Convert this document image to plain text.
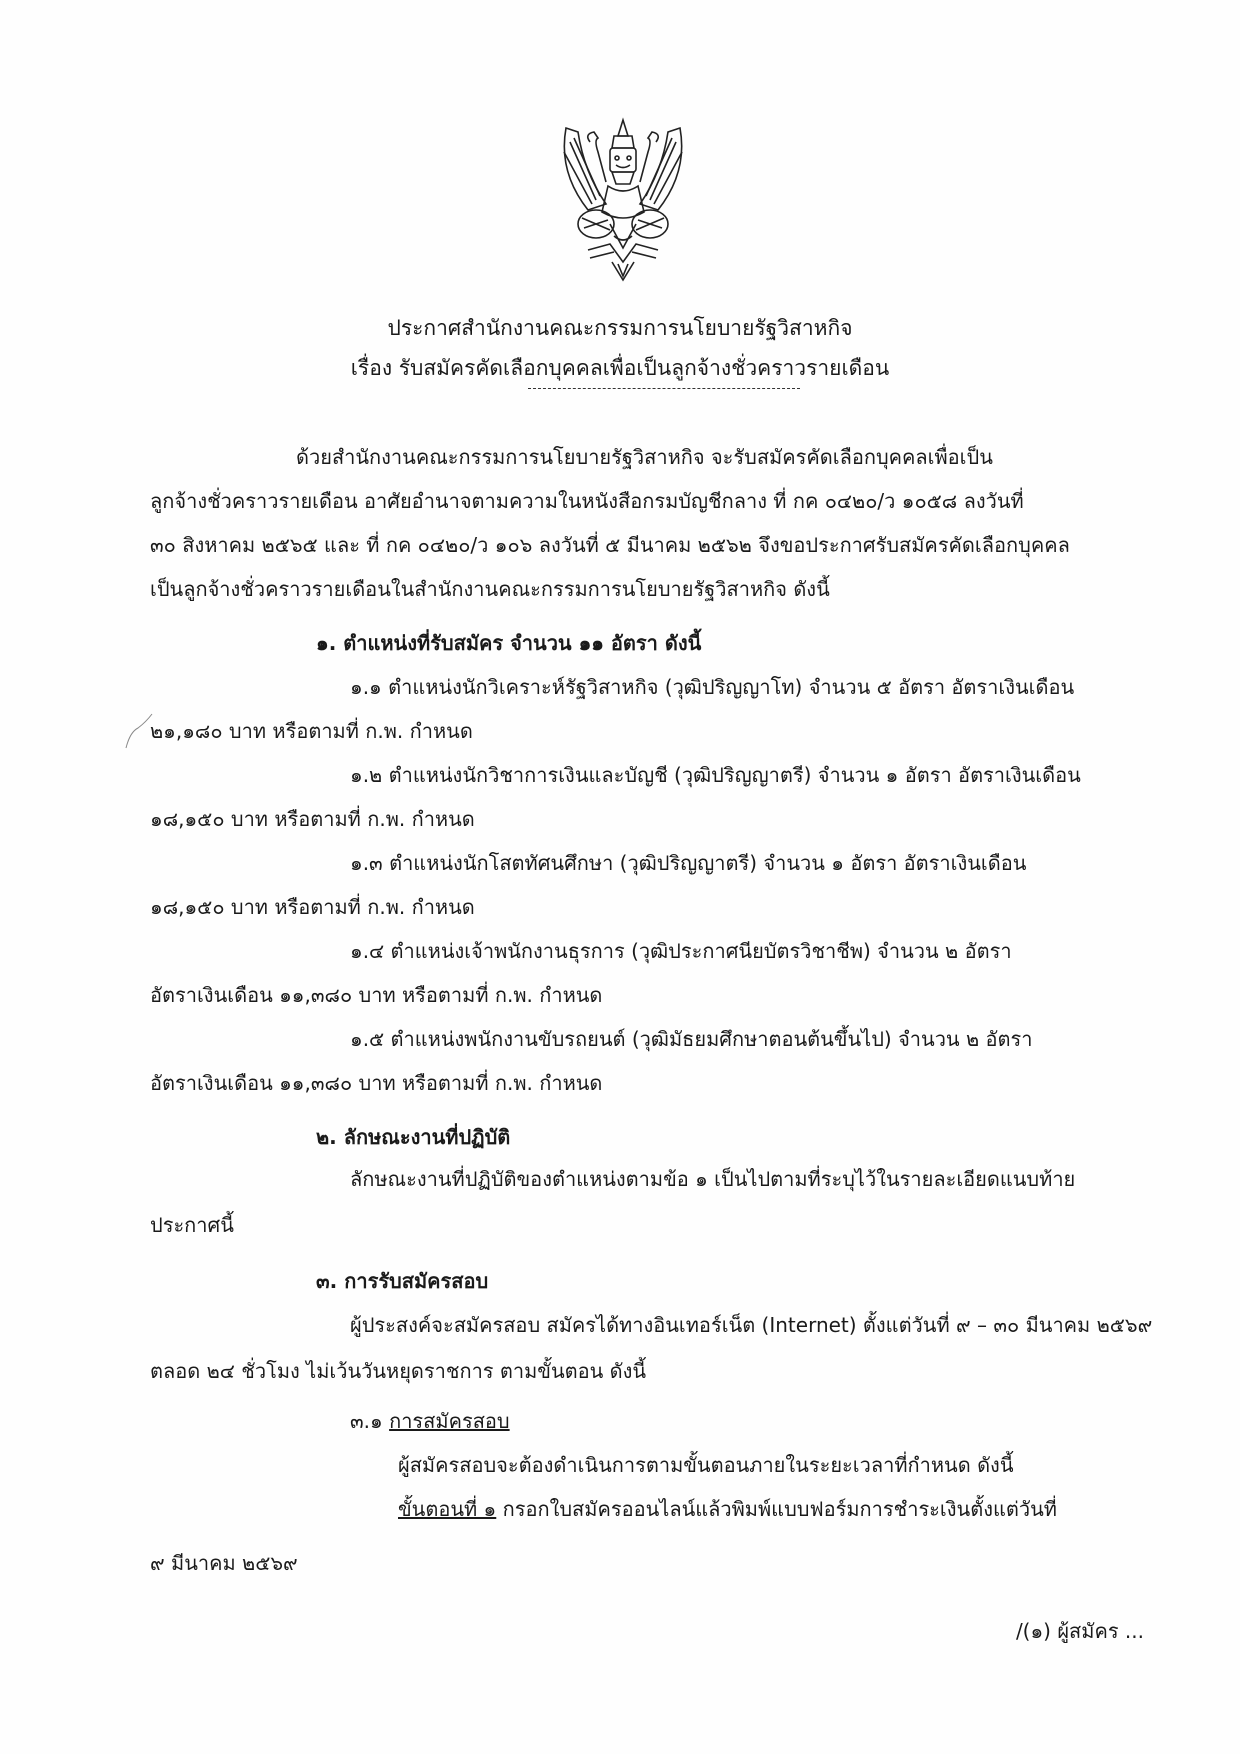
ประกาศสำนักงานคณะกรรมการนโยบายรัฐวิสาหกิจ
เรื่อง รับสมัครคัดเลือกบุคคลเพื่อเป็นลูกจ้างชั่วคราวรายเดือน
ด้วยสำนักงานคณะกรรมการนโยบายรัฐวิสาหกิจ จะรับสมัครคัดเลือกบุคคลเพื่อเป็น
ลูกจ้างชั่วคราวรายเดือน อาศัยอำนาจตามความในหนังสือกรมบัญชีกลาง ที่ กค ๐๔๒๐/ว ๑๐๕๘ ลงวันที่
๓๐ สิงหาคม ๒๕๖๕ และ ที่ กค ๐๔๒๐/ว ๑๐๖ ลงวันที่ ๕ มีนาคม ๒๕๖๒ จึงขอประกาศรับสมัครคัดเลือกบุคคล
เป็นลูกจ้างชั่วคราวรายเดือนในสำนักงานคณะกรรมการนโยบายรัฐวิสาหกิจ ดังนี้
๑. ตำแหน่งที่รับสมัคร จำนวน ๑๑ อัตรา ดังนี้
๑.๑ ตำแหน่งนักวิเคราะห์รัฐวิสาหกิจ (วุฒิปริญญาโท) จำนวน ๕ อัตรา อัตราเงินเดือน
๒๑,๑๘๐ บาท หรือตามที่ ก.พ. กำหนด
๑.๒ ตำแหน่งนักวิชาการเงินและบัญชี (วุฒิปริญญาตรี) จำนวน ๑ อัตรา อัตราเงินเดือน
๑๘,๑๕๐ บาท หรือตามที่ ก.พ. กำหนด
๑.๓ ตำแหน่งนักโสตทัศนศึกษา (วุฒิปริญญาตรี) จำนวน ๑ อัตรา อัตราเงินเดือน
๑๘,๑๕๐ บาท หรือตามที่ ก.พ. กำหนด
๑.๔ ตำแหน่งเจ้าพนักงานธุรการ (วุฒิประกาศนียบัตรวิชาชีพ) จำนวน ๒ อัตรา
อัตราเงินเดือน ๑๑,๓๘๐ บาท หรือตามที่ ก.พ. กำหนด
๑.๕ ตำแหน่งพนักงานขับรถยนต์ (วุฒิมัธยมศึกษาตอนต้นขึ้นไป) จำนวน ๒ อัตรา
อัตราเงินเดือน ๑๑,๓๘๐ บาท หรือตามที่ ก.พ. กำหนด
๒. ลักษณะงานที่ปฏิบัติ
ลักษณะงานที่ปฏิบัติของตำแหน่งตามข้อ ๑ เป็นไปตามที่ระบุไว้ในรายละเอียดแนบท้าย
ประกาศนี้
๓. การรับสมัครสอบ
ผู้ประสงค์จะสมัครสอบ สมัครได้ทางอินเทอร์เน็ต (Internet) ตั้งแต่วันที่ ๙ – ๓๐ มีนาคม ๒๕๖๙
ตลอด ๒๔ ชั่วโมง ไม่เว้นวันหยุดราชการ ตามขั้นตอน ดังนี้
๓.๑ การสมัครสอบ
ผู้สมัครสอบจะต้องดำเนินการตามขั้นตอนภายในระยะเวลาที่กำหนด ดังนี้
ขั้นตอนที่ ๑ กรอกใบสมัครออนไลน์แล้วพิมพ์แบบฟอร์มการชำระเงินตั้งแต่วันที่
๙ มีนาคม ๒๕๖๙
/(๑) ผู้สมัคร ...
